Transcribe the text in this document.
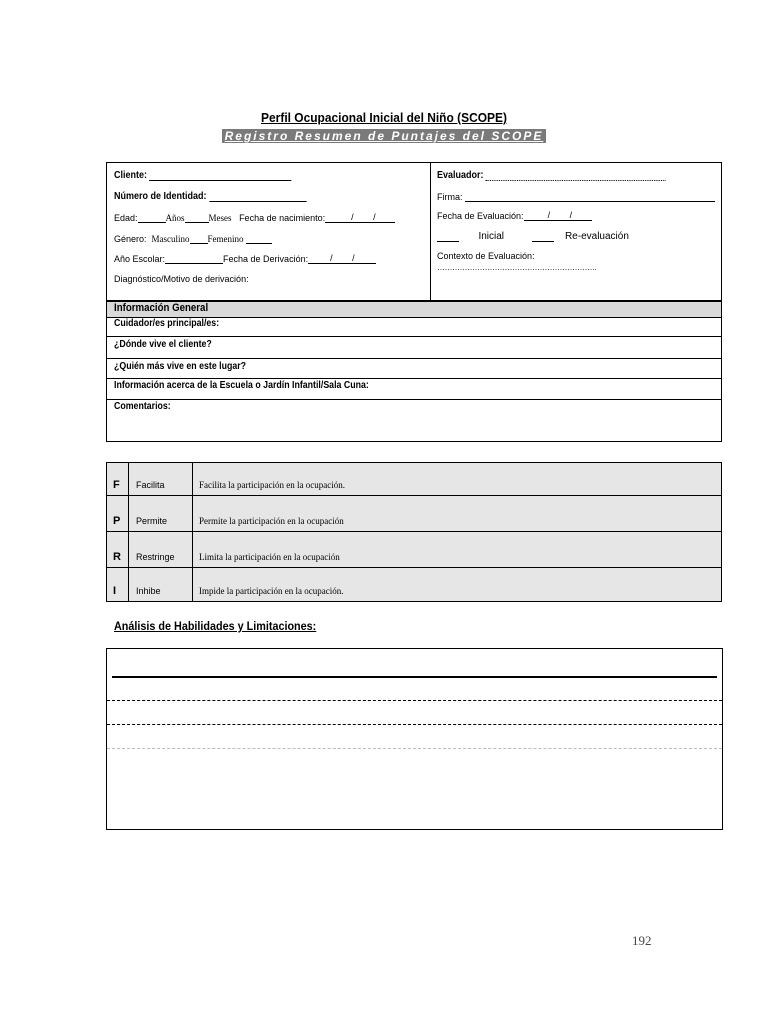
Perfil Ocupacional Inicial del Niño (SCOPE)
Registro Resumen de Puntajes del SCOPE
Cliente:
Número de Identidad:
Edad:	Años	Meses Fecha de nacimiento:	/ /
Género: Masculino Femenino
Año Escolar:	Fecha de Derivación: / /
Diagnóstico/Motivo de derivación:
Evaluador:
Firma:
Fecha de Evaluación:	/ /
Inicial	Re-evaluación
Contexto de Evaluación:
……………………………………………………….
Información General
Cuidador/es principal/es:
¿Dónde vive el cliente?
¿Quién más vive en este lugar?
Información acerca de la Escuela o Jardín Infantil/Sala Cuna:
Comentarios:
F Facilita	Facilita la participación en la ocupación.
P Permite	Permite la participación en la ocupación
R Restringe	Limita la participación en la ocupación
I Inhibe	Impide la participación en la ocupación.
Análisis de Habilidades y Limitaciones:
192
